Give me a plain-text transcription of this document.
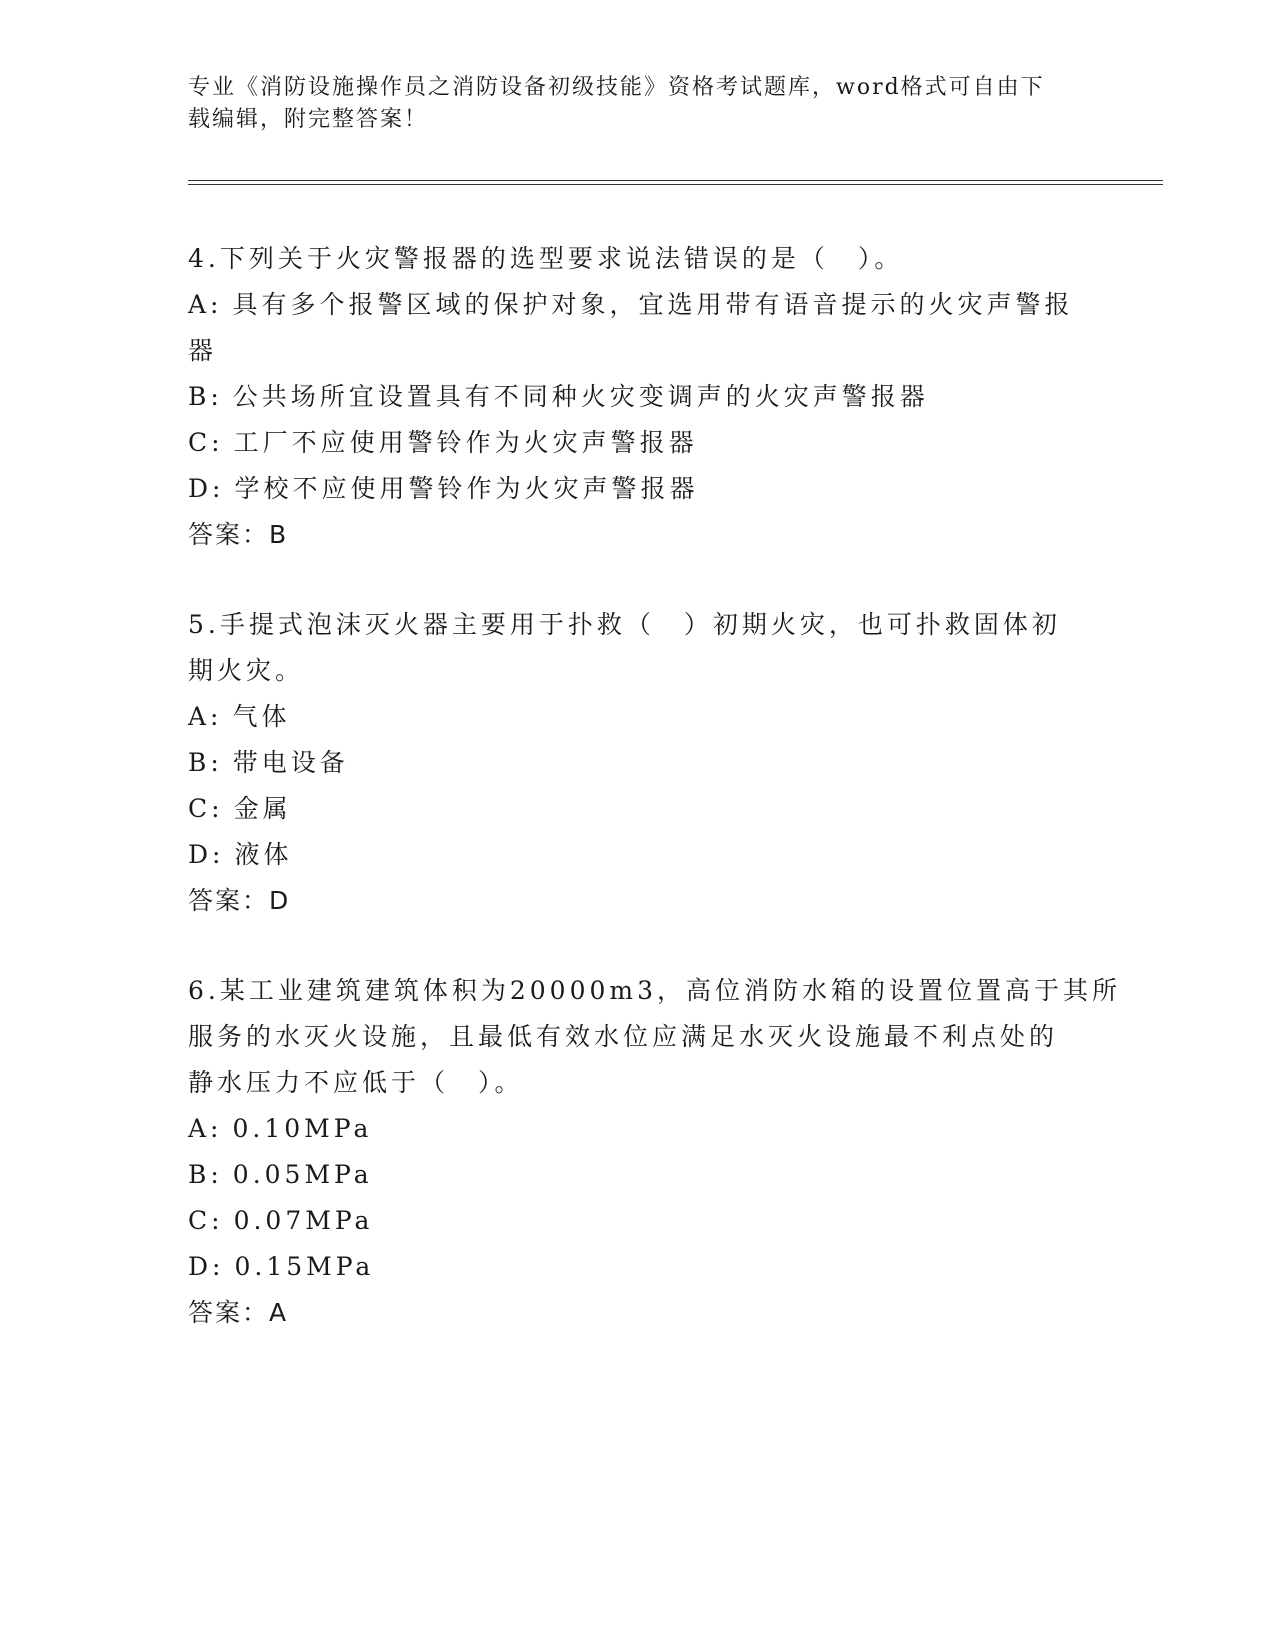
专业《消防设施操作员之消防设备初级技能》资格考试题库，word格式可自由下
载编辑，附完整答案！
4.下列关于火灾警报器的选型要求说法错误的是（　）。
A: 具有多个报警区域的保护对象，宜选用带有语音提示的火灾声警报
器
B: 公共场所宜设置具有不同种火灾变调声的火灾声警报器
C: 工厂不应使用警铃作为火灾声警报器
D: 学校不应使用警铃作为火灾声警报器
答案：B
5.手提式泡沫灭火器主要用于扑救（　）初期火灾，也可扑救固体初
期火灾。
A: 气体
B: 带电设备
C: 金属
D: 液体
答案：D
6.某工业建筑建筑体积为20000m3，高位消防水箱的设置位置高于其所
服务的水灭火设施，且最低有效水位应满足水灭火设施最不利点处的
静水压力不应低于（　）。
A: 0.10MPa
B: 0.05MPa
C: 0.07MPa
D: 0.15MPa
答案：A
